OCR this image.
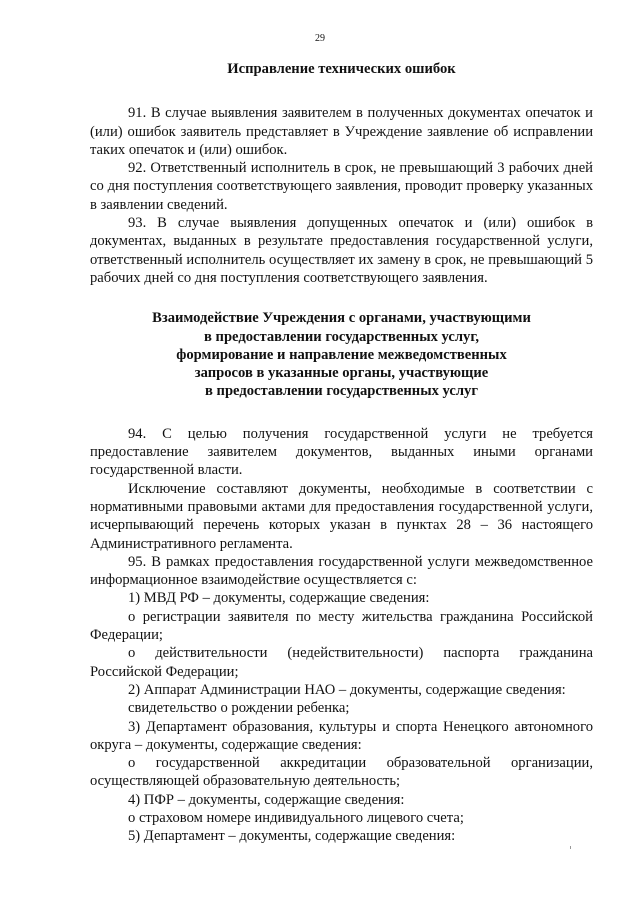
29

Исправление технических ошибок

91. В случае выявления заявителем в полученных документах опечаток и (или) ошибок заявитель представляет в Учреждение заявление об исправлении таких опечаток и (или) ошибок.

92. Ответственный исполнитель в срок, не превышающий 3 рабочих дней со дня поступления соответствующего заявления, проводит проверку указанных в заявлении сведений.

93. В случае выявления допущенных опечаток и (или) ошибок в документах, выданных в результате предоставления государственной услуги, ответственный исполнитель осуществляет их замену в срок, не превышающий 5 рабочих дней со дня поступления соответствующего заявления.

Взаимодействие Учреждения с органами, участвующими
в предоставлении государственных услуг,
формирование и направление межведомственных
запросов в указанные органы, участвующие
в предоставлении государственных услуг

94. С целью получения государственной услуги не требуется предоставление заявителем документов, выданных иными органами государственной власти.

Исключение составляют документы, необходимые в соответствии с нормативными правовыми актами для предоставления государственной услуги, исчерпывающий перечень которых указан в пунктах 28 – 36 настоящего Административного регламента.

95. В рамках предоставления государственной услуги межведомственное информационное взаимодействие осуществляется с:

1) МВД РФ – документы, содержащие сведения:

о регистрации заявителя по месту жительства гражданина Российской Федерации;

о действительности (недействительности) паспорта гражданина Российской Федерации;

2) Аппарат Администрации НАО – документы, содержащие сведения:

свидетельство о рождении ребенка;

3) Департамент образования, культуры и спорта Ненецкого автономного округа – документы, содержащие сведения:

о государственной аккредитации образовательной организации, осуществляющей образовательную деятельность;

4) ПФР – документы, содержащие сведения:

о страховом номере индивидуального лицевого счета;

5) Департамент – документы, содержащие сведения:
